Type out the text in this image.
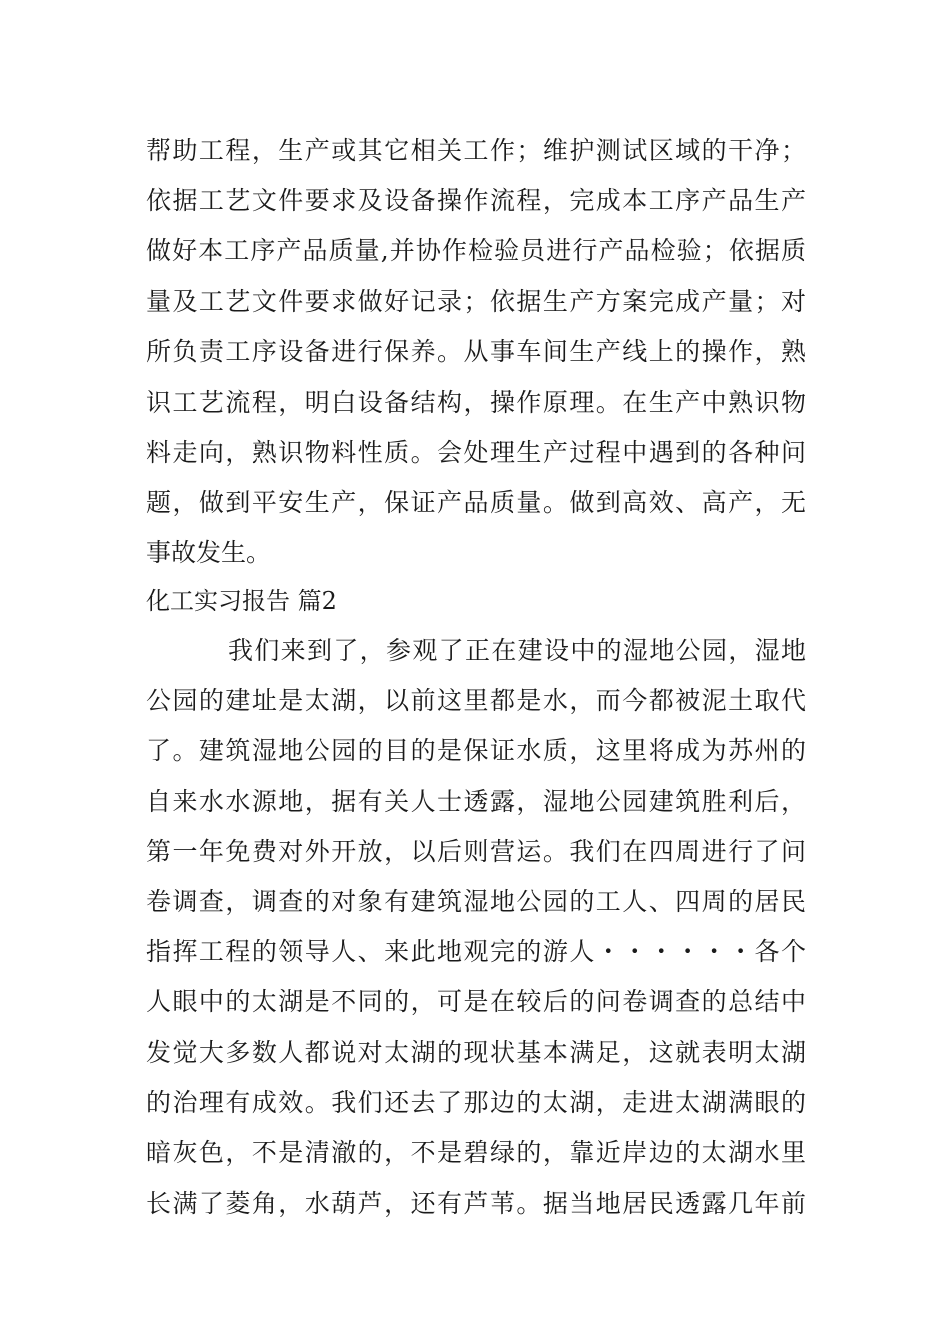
帮助工程，生产或其它相关工作；维护测试区域的干净；
依据工艺文件要求及设备操作流程，完成本工序产品生产
做好本工序产品质量,并协作检验员进行产品检验；依据质
量及工艺文件要求做好记录；依据生产方案完成产量；对
所负责工序设备进行保养。从事车间生产线上的操作，熟
识工艺流程，明白设备结构，操作原理。在生产中熟识物
料走向，熟识物料性质。会处理生产过程中遇到的各种问
题，做到平安生产，保证产品质量。做到高效、高产，无
事故发生。
化工实习报告 篇2
我们来到了，参观了正在建设中的湿地公园，湿地
公园的建址是太湖，以前这里都是水，而今都被泥土取代
了。建筑湿地公园的目的是保证水质，这里将成为苏州的
自来水水源地，据有关人士透露，湿地公园建筑胜利后，
第一年免费对外开放，以后则营运。我们在四周进行了问
卷调查，调查的对象有建筑湿地公园的工人、四周的居民
指挥工程的领导人、来此地观完的游人・・・・・・各个
人眼中的太湖是不同的，可是在较后的问卷调查的总结中
发觉大多数人都说对太湖的现状基本满足，这就表明太湖
的治理有成效。我们还去了那边的太湖，走进太湖满眼的
暗灰色，不是清澈的，不是碧绿的，靠近岸边的太湖水里
长满了菱角，水葫芦，还有芦苇。据当地居民透露几年前
